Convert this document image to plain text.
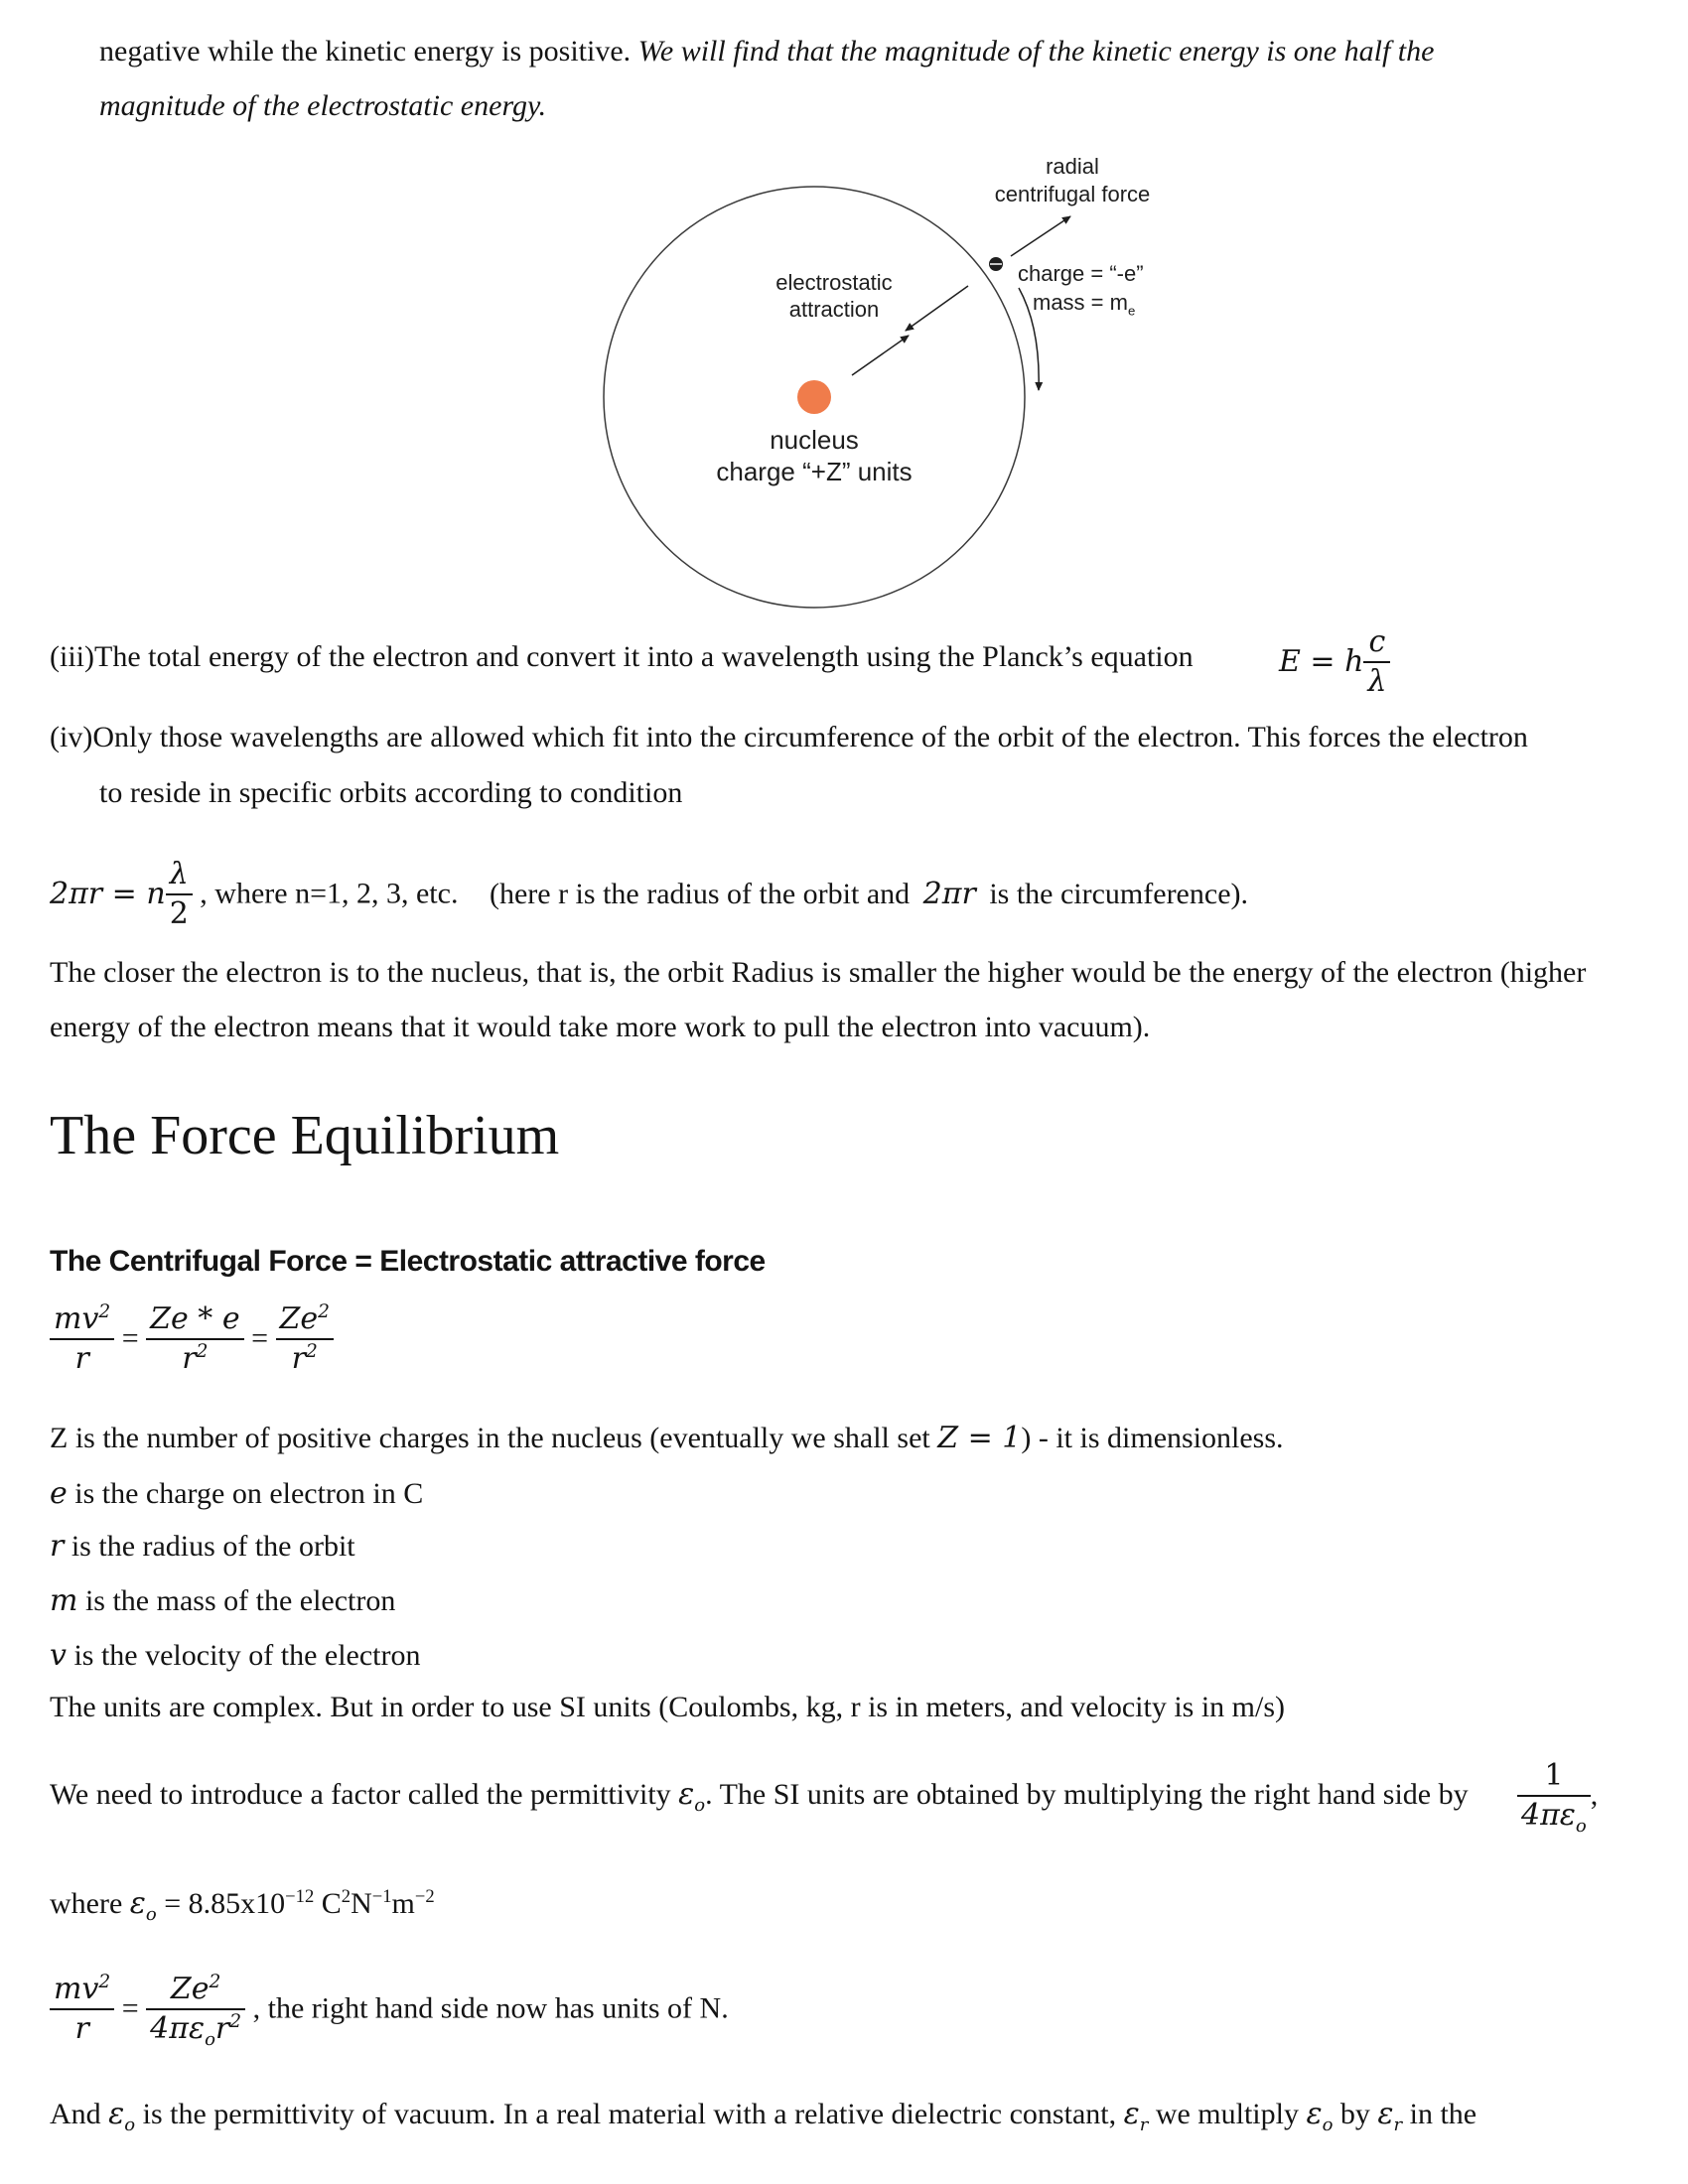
negative while the kinetic energy is positive. We will find that the magnitude of the kinetic energy is one half the
magnitude of the electrostatic energy.
radial
centrifugal force
charge = “-e”
mass = $m_e$
electrostatic
attraction
nucleus
charge “+Z” units
(iii)The total energy of the electron and convert it into a wavelength using the Planck’s equation	E = h $\frac{c}{\lambda}$
(iv)Only those wavelengths are allowed which fit into the circumference of the orbit of the electron. This forces the electron
to reside in specific orbits according to condition
2πr = n $\frac{\lambda}{2}$ , where n=1, 2, 3, etc. (here r is the radius of the orbit and 2πr is the circumference).
The closer the electron is to the nucleus, that is, the orbit Radius is smaller the higher would be the energy of the electron (higher
energy of the electron means that it would take more work to pull the electron into vacuum).
The Force Equilibrium
The Centrifugal Force = Electrostatic attractive force
$\frac{mv^2}{r} = \frac{Ze * e}{r^2} = \frac{Ze^2}{r^2}$
Z is the number of positive charges in the nucleus (eventually we shall set Z = 1) - it is dimensionless.
e is the charge on electron in C
r is the radius of the orbit
m is the mass of the electron
v is the velocity of the electron
The units are complex. But in order to use SI units (Coulombs, kg, r is in meters, and velocity is in m/s)
We need to introduce a factor called the permittivity $\varepsilon_o$. The SI units are obtained by multiplying the right hand side by $\frac{1}{4\pi\varepsilon_o}$ ,
where $\varepsilon_o = 8.85x10^{-12}$ $C^2N^{-1}m^{-2}$
$\frac{mv^2}{r} = \frac{Ze^2}{4\pi\varepsilon_or^2}$ , the right hand side now has units of N.
And $\varepsilon_o$ is the permittivity of vacuum. In a real material with a relative dielectric constant, $\varepsilon_r$ we multiply $\varepsilon_o$ by $\varepsilon_r$ in the
